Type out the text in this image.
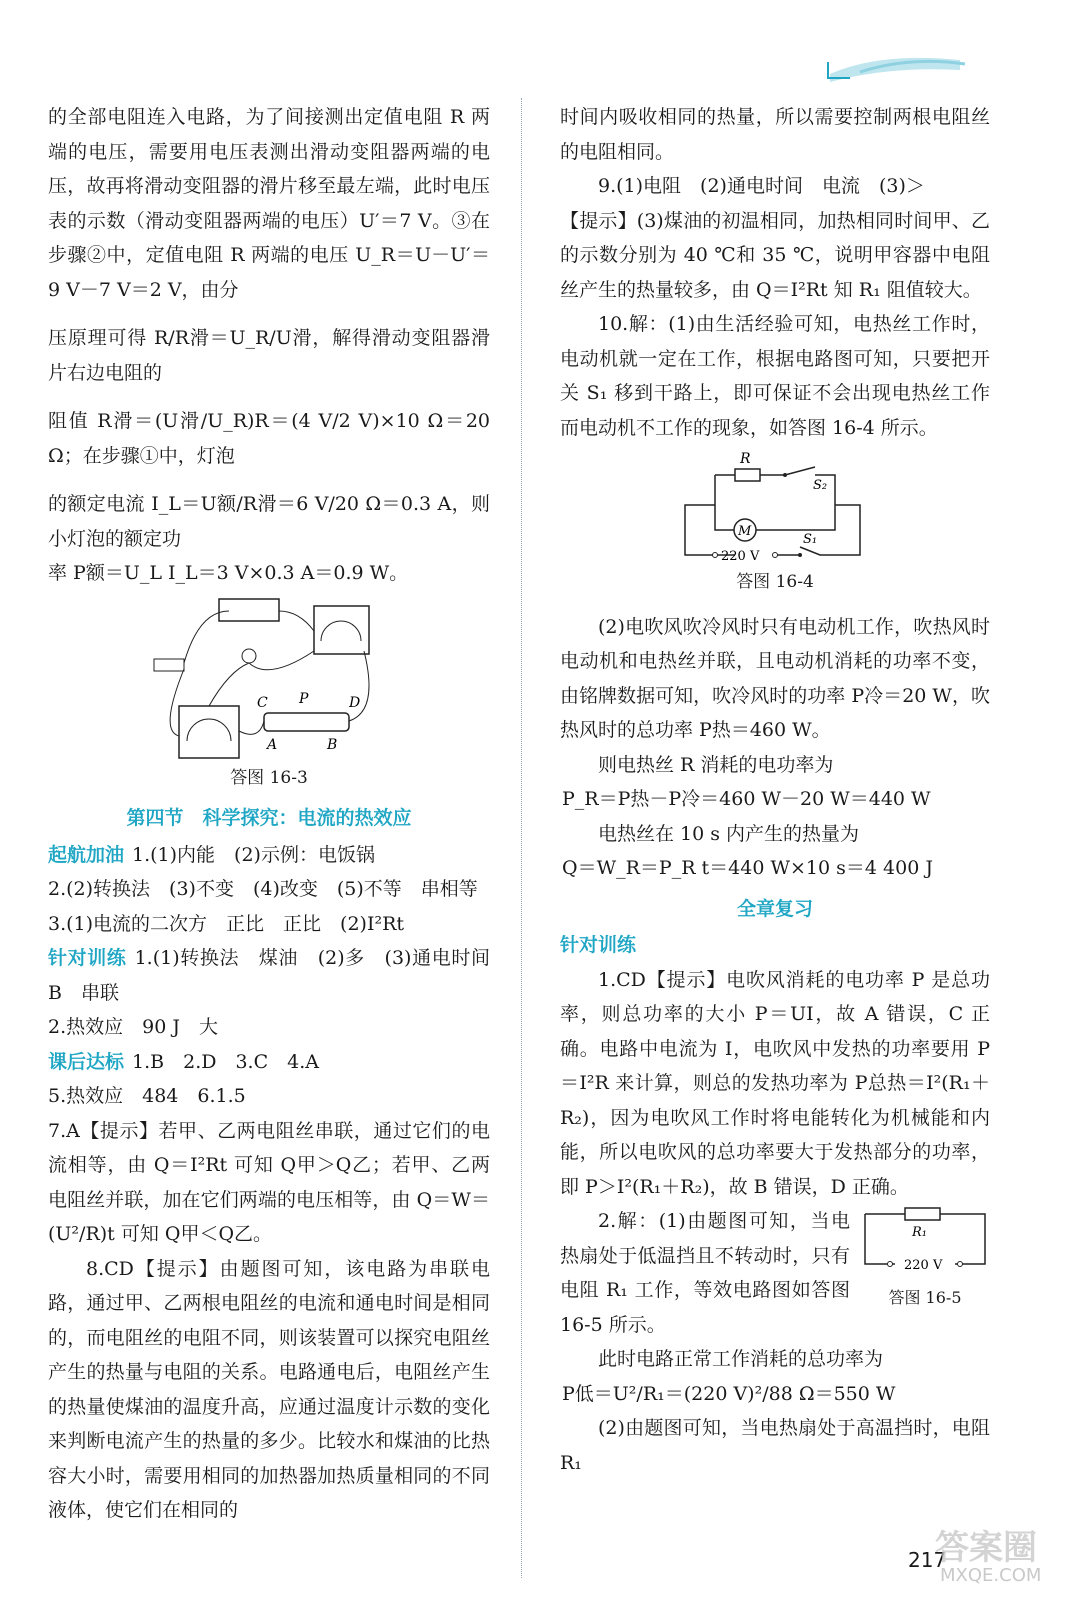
的全部电阻连入电路，为了间接测出定值电阻 R 两端的电压，需要用电压表测出滑动变阻器两端的电压，故再将滑动变阻器的滑片移至最左端，此时电压表的示数（滑动变阻器两端的电压）U′＝7 V。③在步骤②中，定值电阻 R 两端的电压 U_R＝U－U′＝9 V－7 V＝2 V，由分

压原理可得 R/R滑＝U_R/U滑，解得滑动变阻器滑片右边电阻的

阻值 R滑＝(U滑/U_R)R＝(4 V/2 V)×10 Ω＝20 Ω；在步骤①中，灯泡

的额定电流 I_L＝U额/R滑＝6 V/20 Ω＝0.3 A，则小灯泡的额定功

率 P额＝U_L I_L＝3 V×0.3 A＝0.9 W。

C P	D
A	B

答图 16-3

第四节　科学探究：电流的热效应

起航加油 1.(1)内能　(2)示例：电饭锅

2.(2)转换法　(3)不变　(4)改变　(5)不等　串相等

3.(1)电流的二次方　正比　正比　(2)I²Rt

针对训练 1.(1)转换法　煤油　(2)多　(3)通电时间　B　串联

2.热效应　90 J　大

课后达标 1.B　2.D　3.C　4.A

5.热效应　484　6.1.5

7.A【提示】若甲、乙两电阻丝串联，通过它们的电流相等，由 Q＝I²Rt 可知 Q甲＞Q乙；若甲、乙两电阻丝并联，加在它们两端的电压相等，由 Q＝W＝(U²/R)t 可知 Q甲＜Q乙。

8.CD【提示】由题图可知，该电路为串联电路，通过甲、乙两根电阻丝的电流和通电时间是相同的，而电阻丝的电阻不同，则该装置可以探究电阻丝产生的热量与电阻的关系。电路通电后，电阻丝产生的热量使煤油的温度升高，应通过温度计示数的变化来判断电流产生的热量的多少。比较水和煤油的比热容大小时，需要用相同的加热器加热质量相同的不同液体，使它们在相同的

时间内吸收相同的热量，所以需要控制两根电阻丝的电阻相同。

9.(1)电阻　(2)通电时间　电流　(3)＞

【提示】(3)煤油的初温相同，加热相同时间甲、乙的示数分别为 40 ℃和 35 ℃，说明甲容器中电阻丝产生的热量较多，由 Q＝I²Rt 知 R₁ 阻值较大。

10.解：(1)由生活经验可知，电热丝工作时，电动机就一定在工作，根据电路图可知，只要把开关 S₁ 移到干路上，即可保证不会出现电热丝工作而电动机不工作的现象，如答图 16-4 所示。

R
S₂
M
220 V
S₁

答图 16-4

(2)电吹风吹冷风时只有电动机工作，吹热风时电动机和电热丝并联，且电动机消耗的功率不变，由铭牌数据可知，吹冷风时的功率 P冷＝20 W，吹热风时的总功率 P热＝460 W。

则电热丝 R 消耗的电功率为

P_R＝P热－P冷＝460 W－20 W＝440 W

电热丝在 10 s 内产生的热量为

Q＝W_R＝P_R t＝440 W×10 s＝4 400 J

全章复习

针对训练

1.CD【提示】电吹风消耗的电功率 P 是总功率，则总功率的大小 P＝UI，故 A 错误，C 正确。电路中电流为 I，电吹风中发热的功率要用 P＝I²R 来计算，则总的发热功率为 P总热＝I²(R₁＋R₂)，因为电吹风工作时将电能转化为机械能和内能，所以电吹风的总功率要大于发热部分的功率，即 P＞I²(R₁＋R₂)，故 B 错误，D 正确。

R₁
220 V

答图 16-5

2.解：(1)由题图可知，当电热扇处于低温挡且不转动时，只有电阻 R₁ 工作，等效电路图如答图 16-5 所示。

此时电路正常工作消耗的总功率为

P低＝U²/R₁＝(220 V)²/88 Ω＝550 W

(2)由题图可知，当电热扇处于高温挡时，电阻 R₁

217
答案圈
MXQE.COM
